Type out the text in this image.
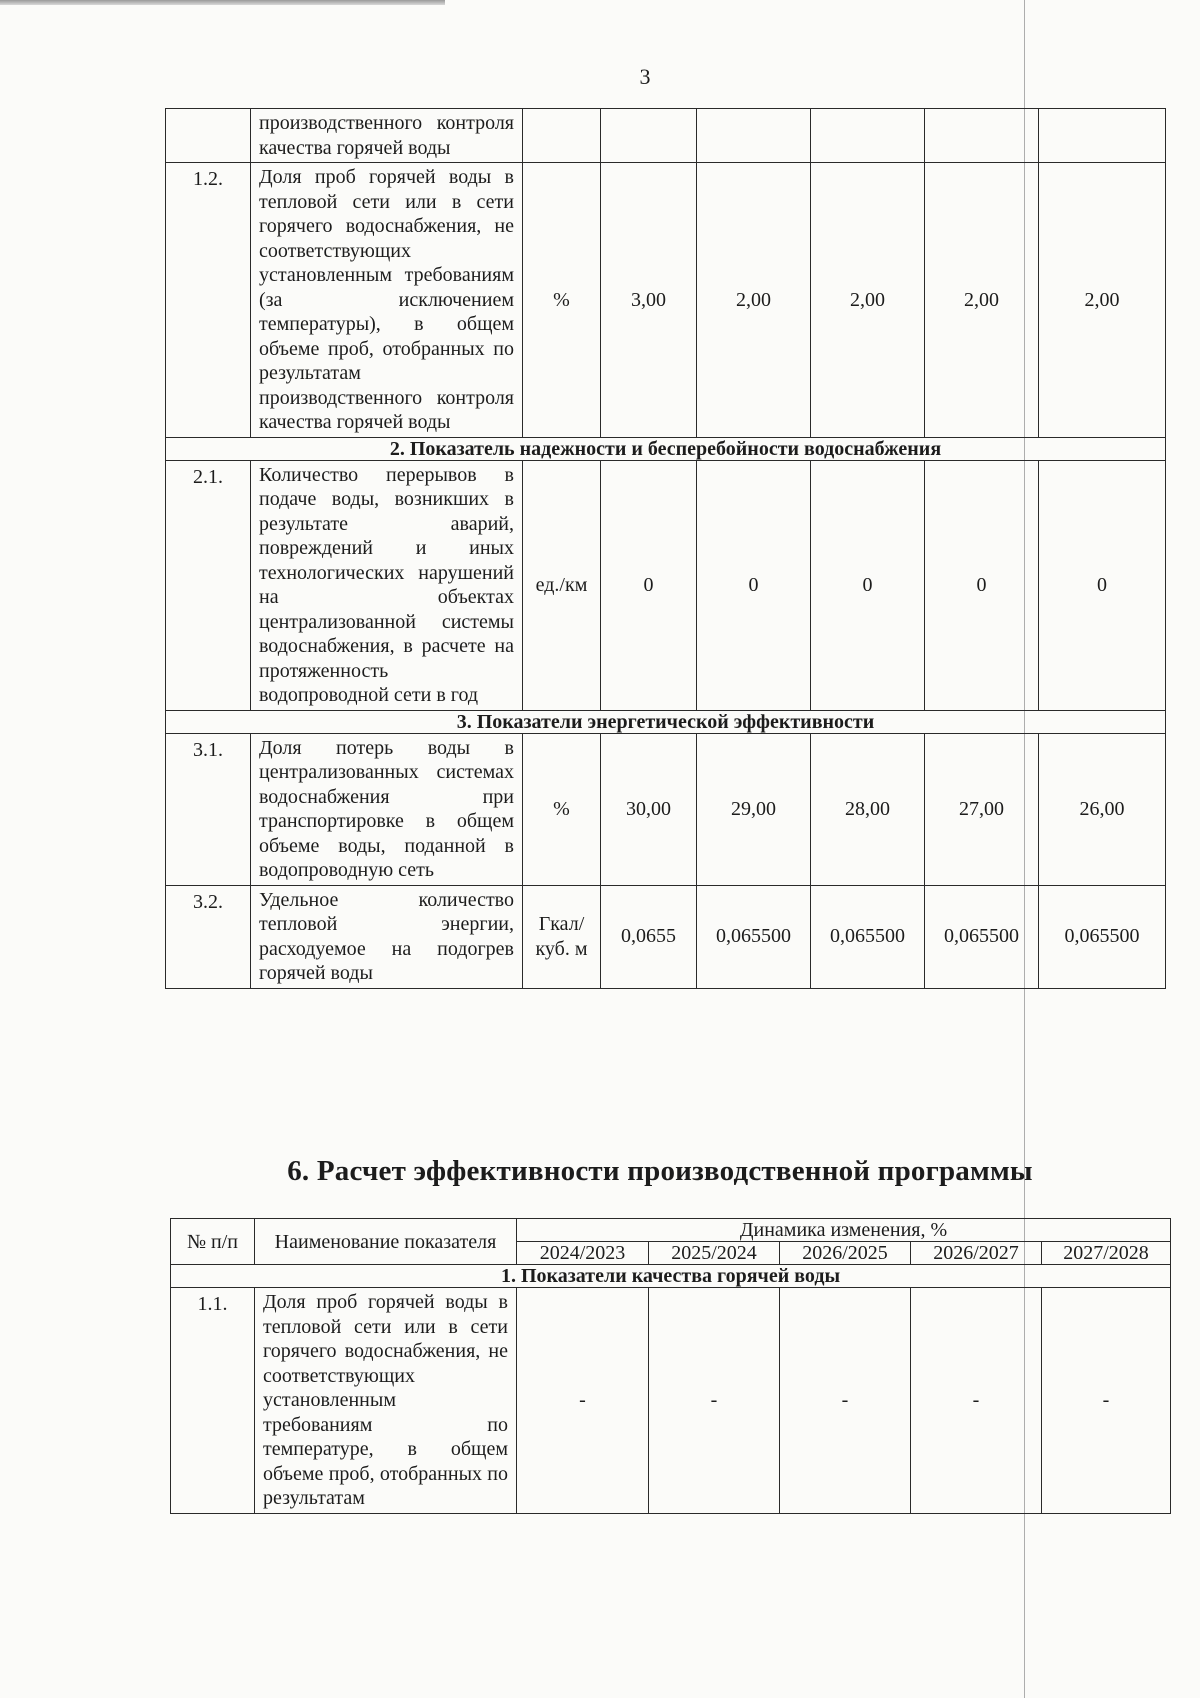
3
	производственного контроля качества горячей воды						
1.2.	Доля проб горячей воды в тепловой сети или в сети горячего водоснабжения, не соответствующих установленным требованиям (за исключением температуры), в общем объеме проб, отобранных по результатам производственного контроля качества горячей воды	%	3,00	2,00	2,00	2,00	2,00
2. Показатель надежности и бесперебойности водоснабжения							
2.1.	Количество перерывов в подаче воды, возникших в результате аварий, повреждений и иных технологических нарушений на объектах централизованной системы водоснабжения, в расчете на протяженность водопроводной сети в год	ед./км	0	0	0	0	0
3. Показатели энергетической эффективности							
3.1.	Доля потерь воды в централизованных системах водоснабжения при транспортировке в общем объеме воды, поданной в водопроводную сеть	%	30,00	29,00	28,00	27,00	26,00
3.2.	Удельное количество тепловой энергии, расходуемое на подогрев горячей воды	Гкал/ куб. м	0,0655	0,065500	0,065500	0,065500	0,065500
6. Расчет эффективности производственной программы
№ п/п	Наименование показателя	Динамика изменения, %				
		2024/2023	2025/2024	2026/2025	2026/2027	2027/2028
1. Показатели качества горячей воды						
1.1.	Доля проб горячей воды в тепловой сети или в сети горячего водоснабжения, не соответствующих установленным требованиям по температуре, в общем объеме проб, отобранных по результатам	-	-	-	-	-
